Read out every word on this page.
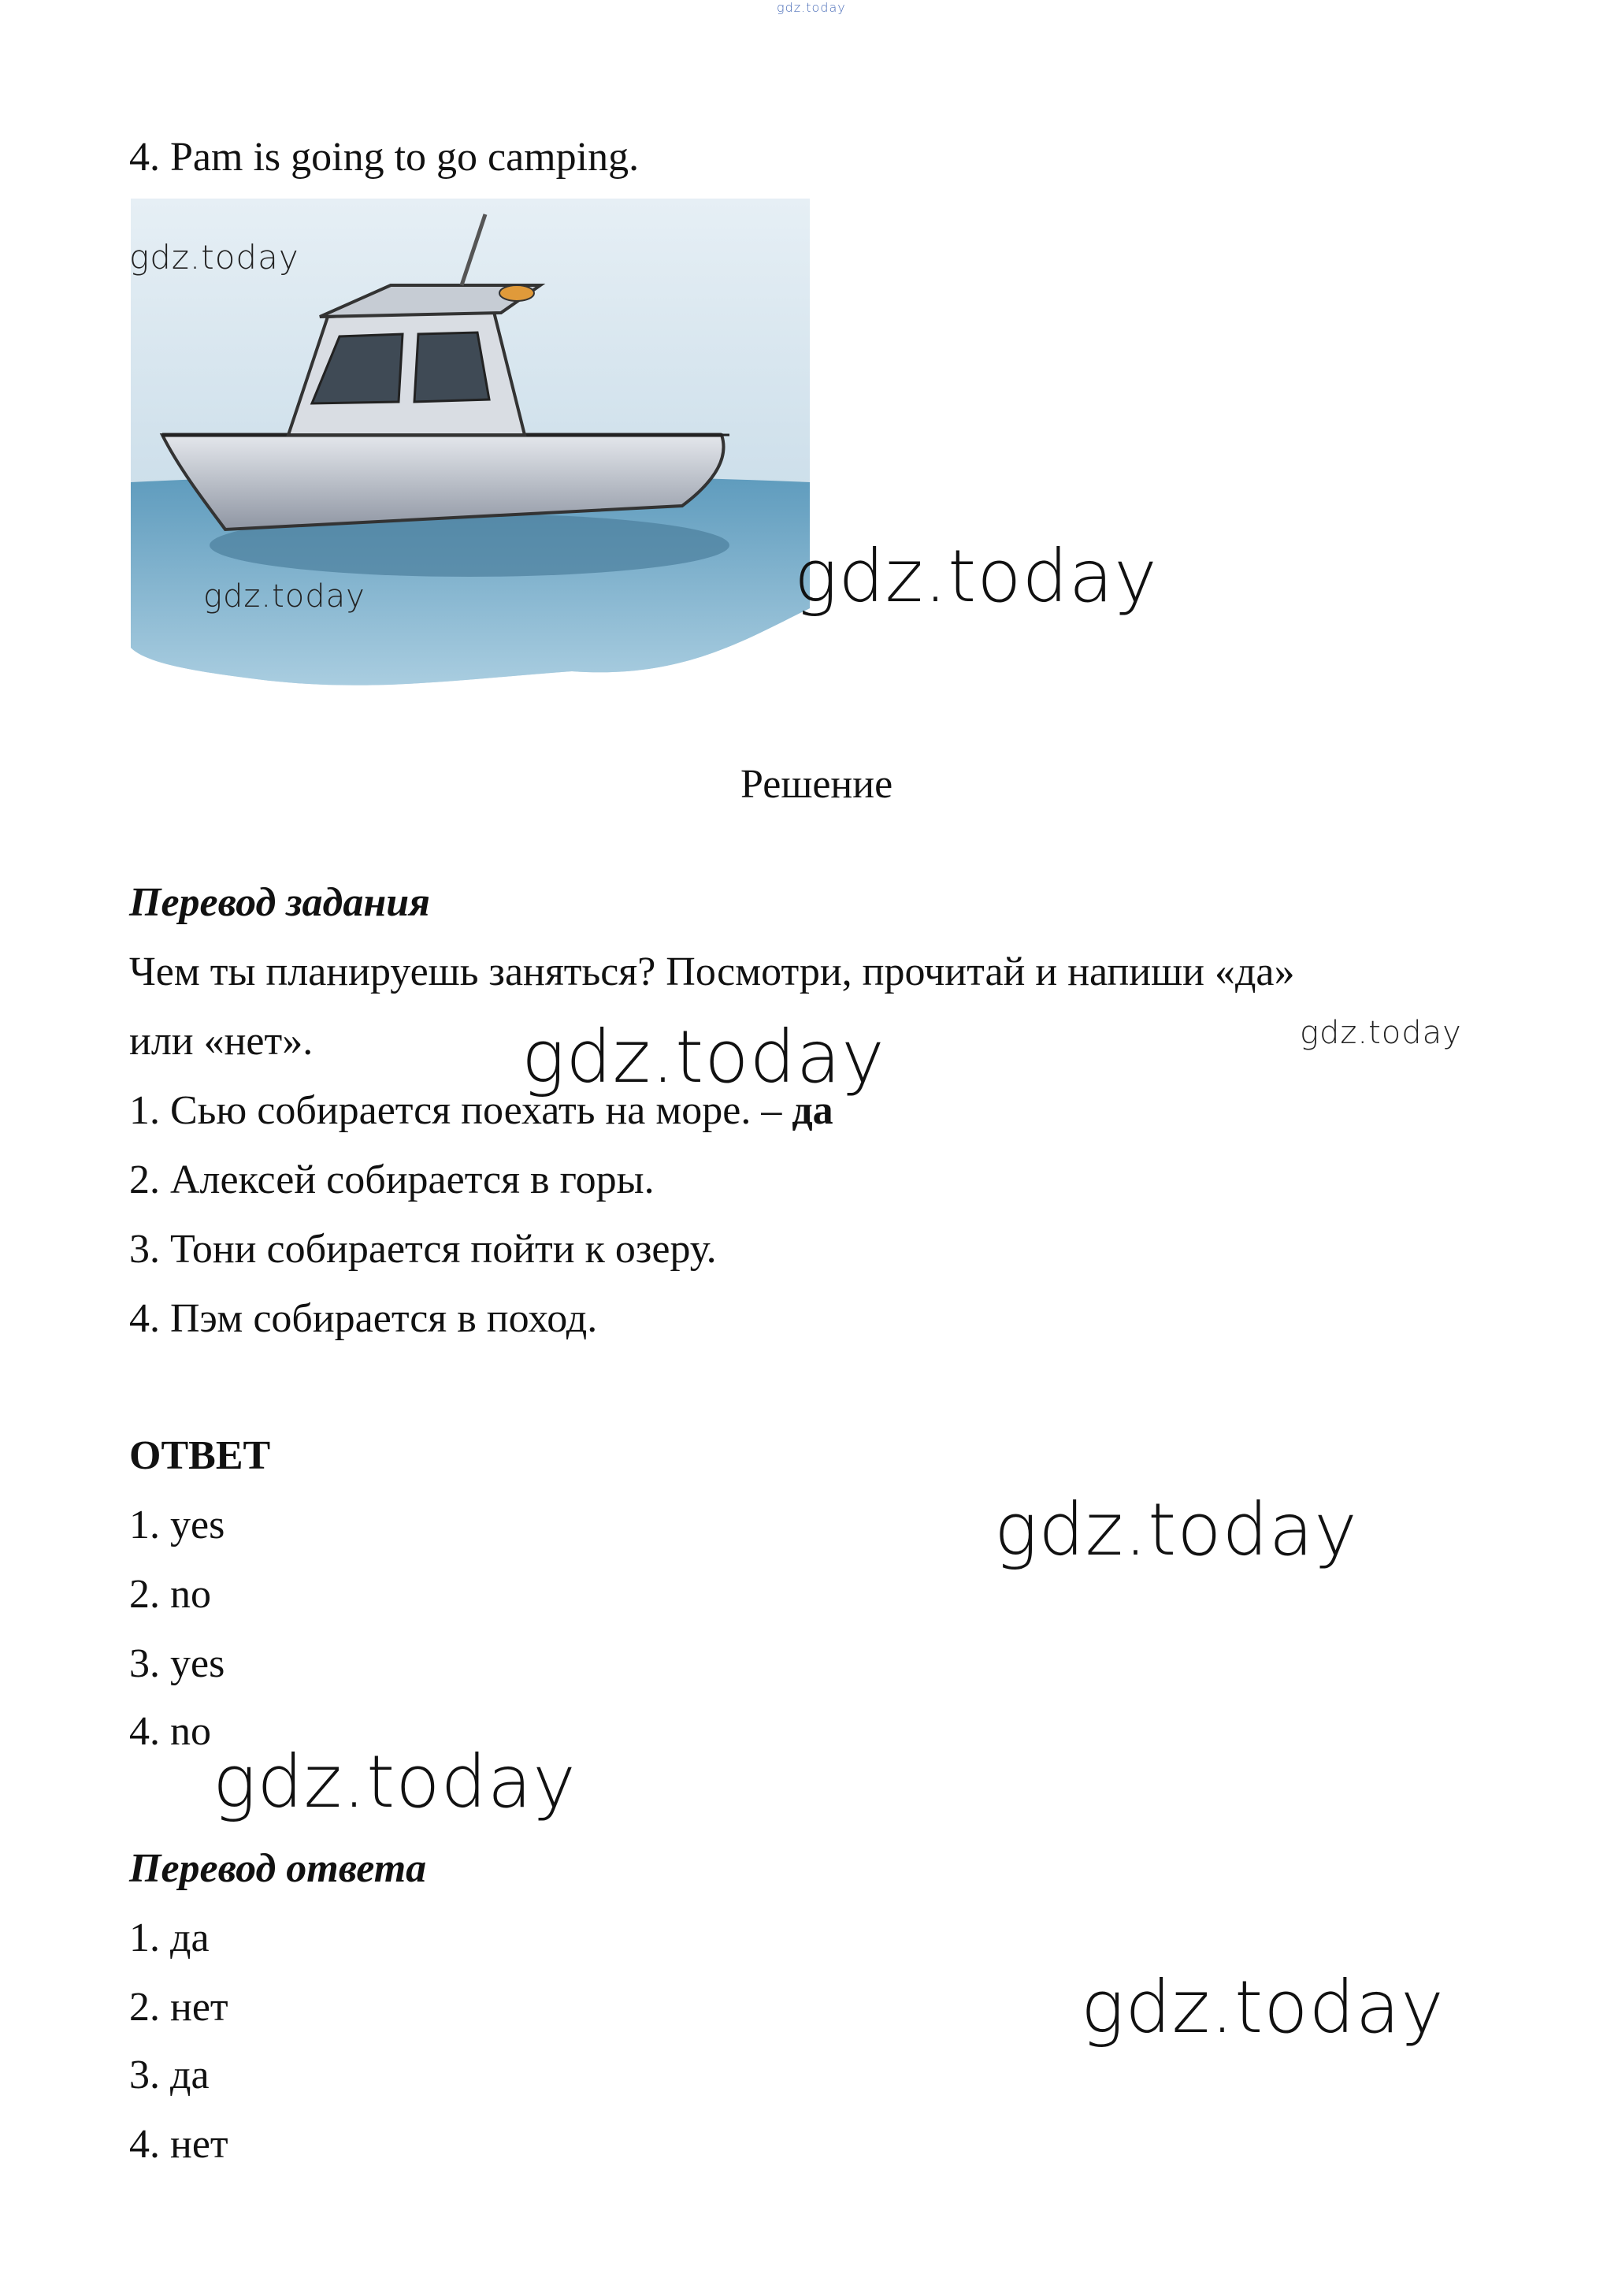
gdz.today
4. Pam is going to go camping.
gdz.today
gdz.today	gdz.today
Решение
Перевод задания
Чем ты планируешь заняться? Посмотри, прочитай и напиши «да»
или «нет».	gdz.today
gdz.today
1. Сью собирается поехать на море. – да
2. Алексей собирается в горы.
3. Тони собирается пойти к озеру.
4. Пэм собирается в поход.
ОТВЕТ
1. yes
2. no
3. yes
4. no
gdz.today
gdz.today
Перевод ответа
1. да
2. нет
3. да
4. нет
gdz.today
